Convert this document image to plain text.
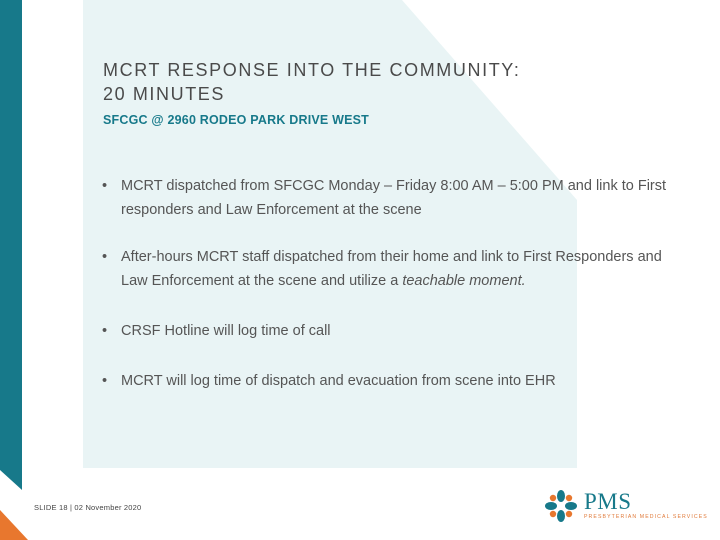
MCRT RESPONSE INTO THE COMMUNITY:
20 MINUTES
SFCGC @ 2960 RODEO PARK DRIVE WEST
• MCRT dispatched from SFCGC Monday – Friday 8:00 AM – 5:00 PM and link to First responders and Law Enforcement at the scene
• After-hours MCRT staff dispatched from their home and link to First Responders and Law Enforcement at the scene and utilize a teachable moment.
• CRSF Hotline will log time of call
• MCRT will log time of dispatch and evacuation from scene into EHR
SLIDE 18 | 02 November 2020	PMS
PRESBYTERIAN MEDICAL SERVICES
